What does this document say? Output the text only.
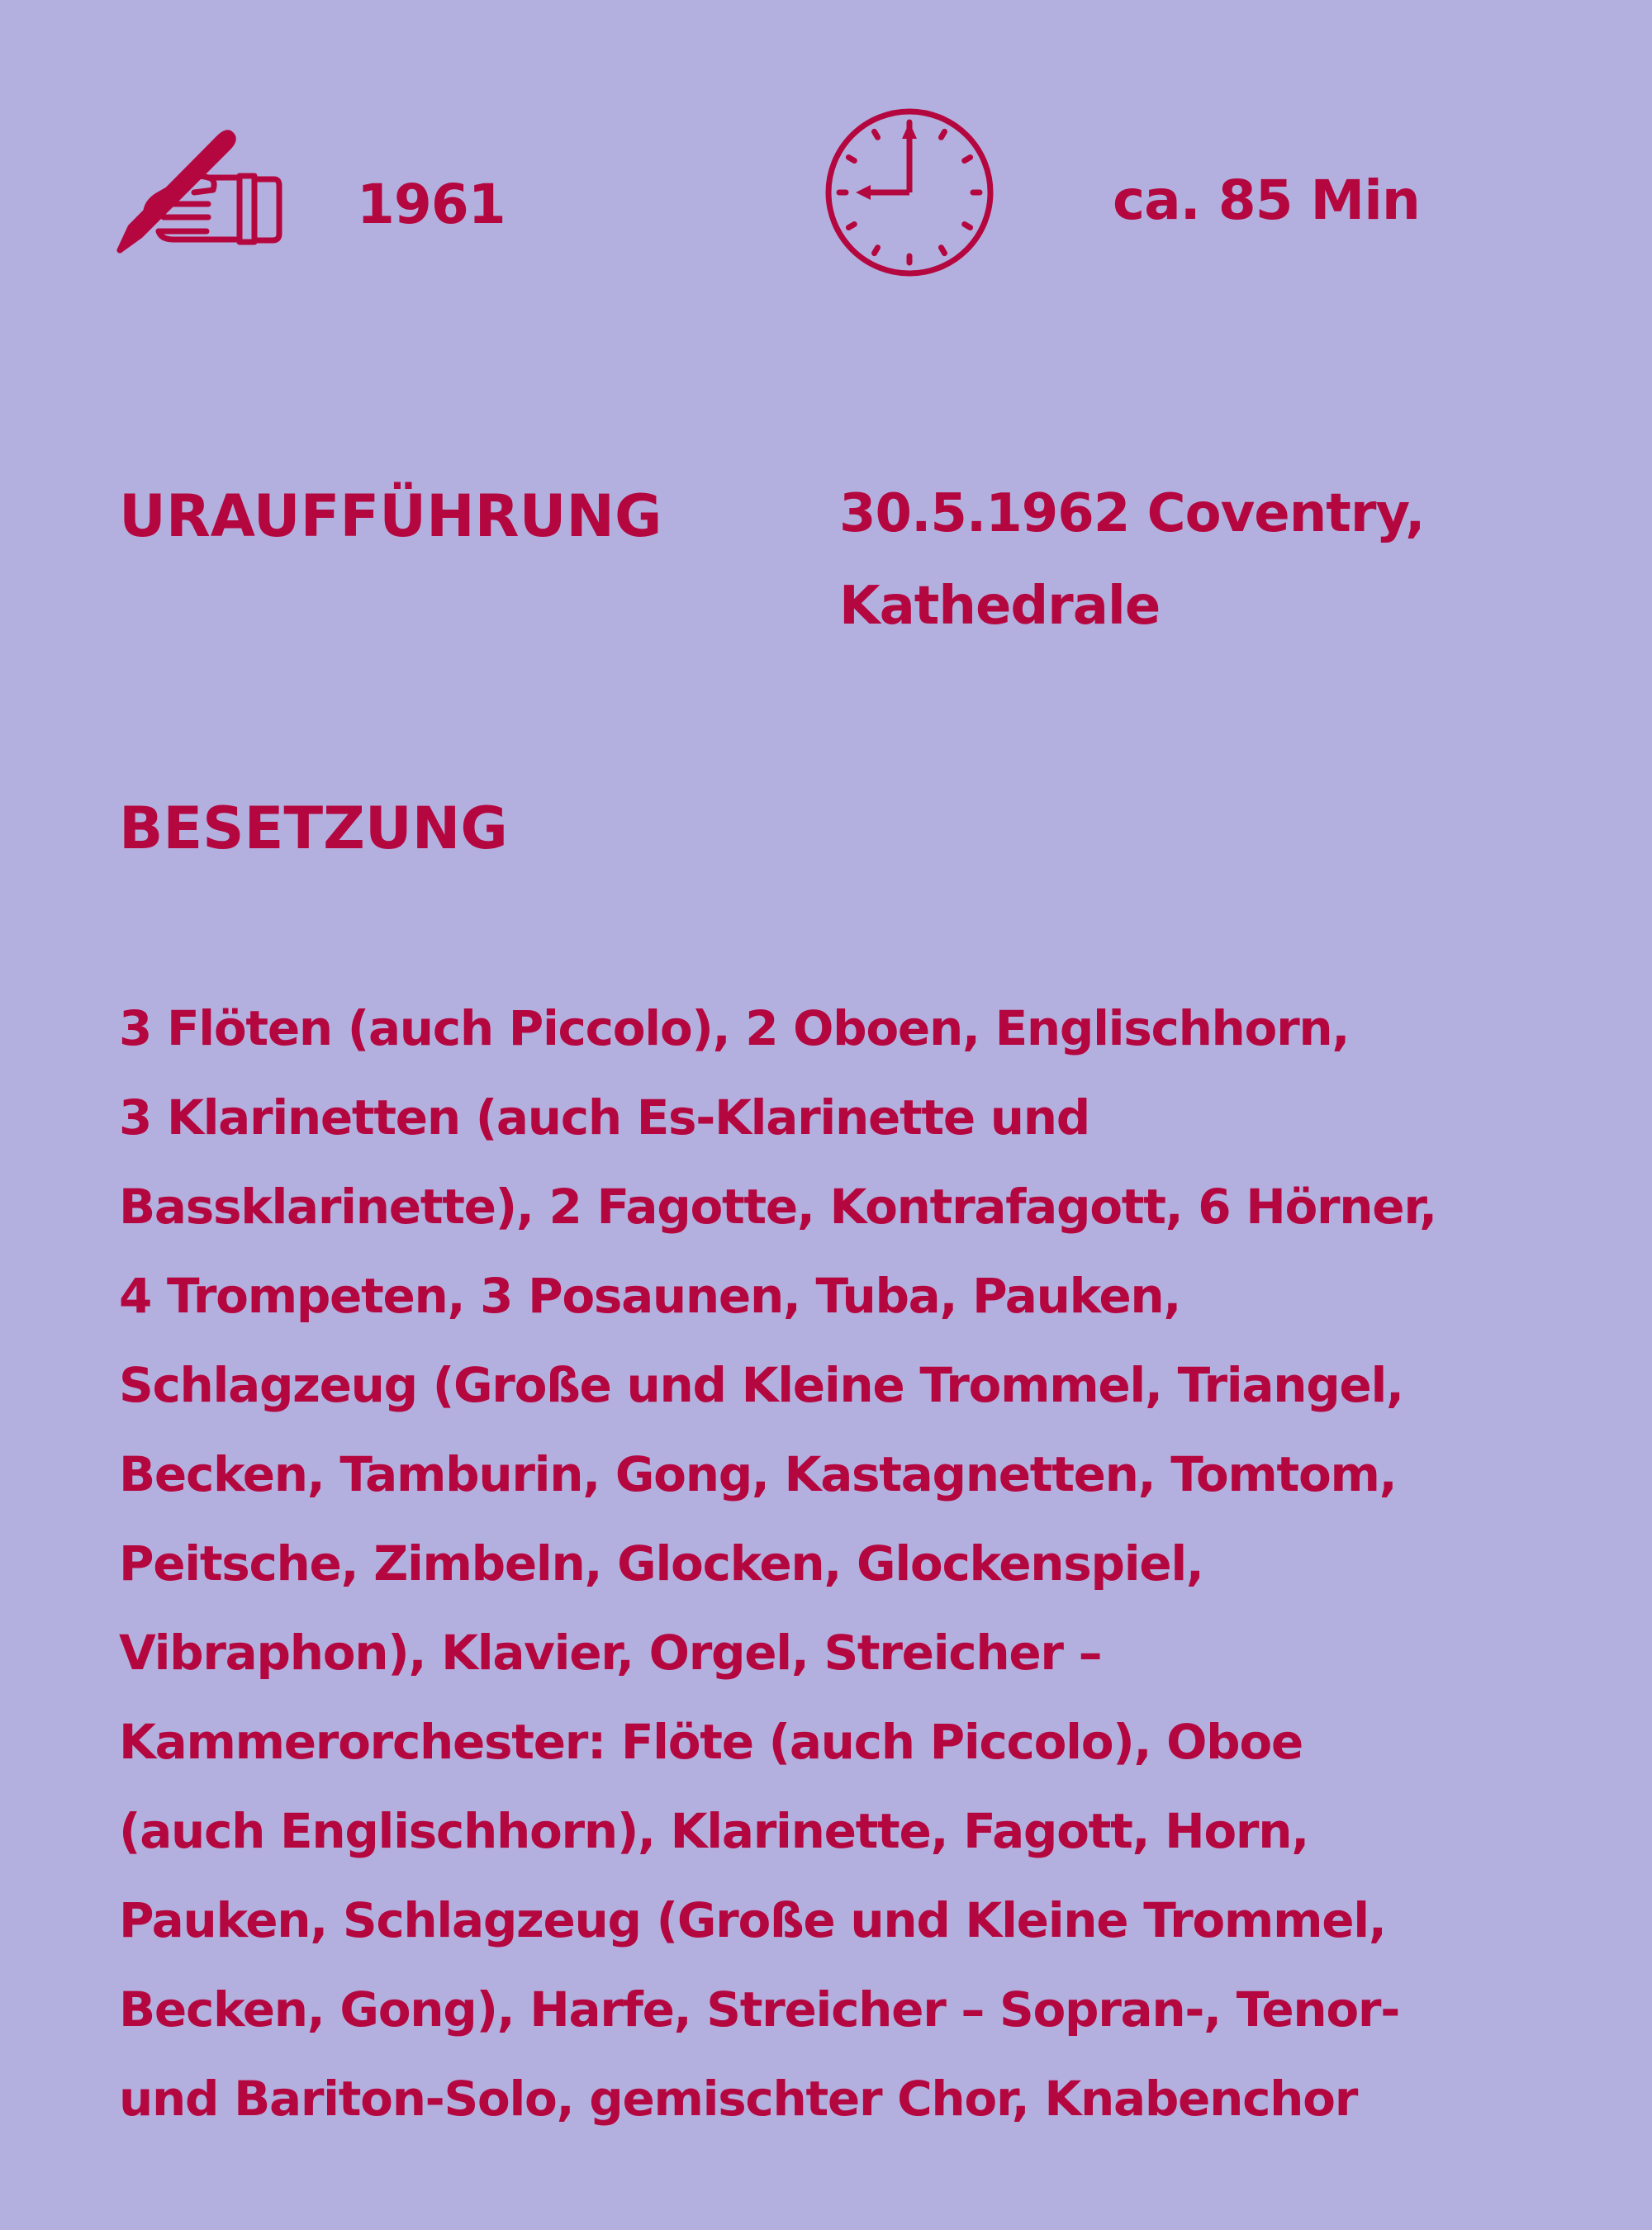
1961	ca. 85 Min
URAUFFÜHRUNG	30.5.1962 Coventry,
Kathedrale
BESETZUNG
3 Flöten (auch Piccolo), 2 Oboen, Englischhorn,
3 Klarinetten (auch Es-Klarinette und
Bassklarinette), 2 Fagotte, Kontrafagott, 6 Hörner,
4 Trompeten, 3 Posaunen, Tuba, Pauken,
Schlagzeug (Große und Kleine Trommel, Triangel,
Becken, Tamburin, Gong, Kastagnetten, Tomtom,
Peitsche, Zimbeln, Glocken, Glockenspiel,
Vibraphon), Klavier, Orgel, Streicher –
Kammerorchester: Flöte (auch Piccolo), Oboe
(auch Englischhorn), Klarinette, Fagott, Horn,
Pauken, Schlagzeug (Große und Kleine Trommel,
Becken, Gong), Harfe, Streicher – Sopran-, Tenor-
und Bariton-Solo, gemischter Chor, Knabenchor
